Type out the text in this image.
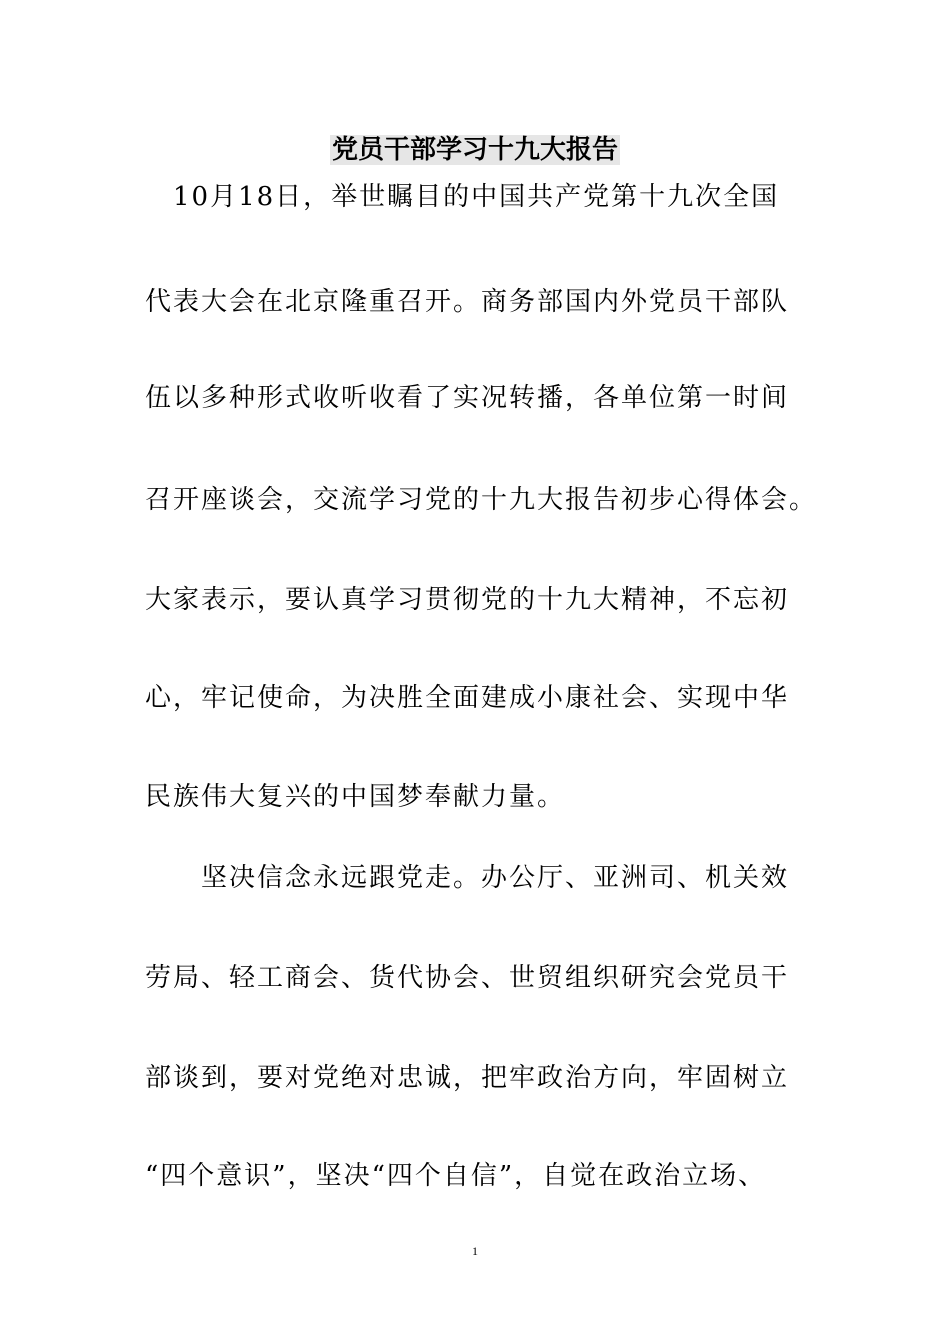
党员干部学习十九大报告
　10月18日，举世瞩目的中国共产党第十九次全国
代表大会在北京隆重召开。商务部国内外党员干部队
伍以多种形式收听收看了实况转播，各单位第一时间
召开座谈会，交流学习党的十九大报告初步心得体会。
大家表示，要认真学习贯彻党的十九大精神，不忘初
心，牢记使命，为决胜全面建成小康社会、实现中华
民族伟大复兴的中国梦奉献力量。
　　坚决信念永远跟党走。办公厅、亚洲司、机关效
劳局、轻工商会、货代协会、世贸组织研究会党员干
部谈到，要对党绝对忠诚，把牢政治方向，牢固树立
“四个意识”，坚决“四个自信”，自觉在政治立场、
1
